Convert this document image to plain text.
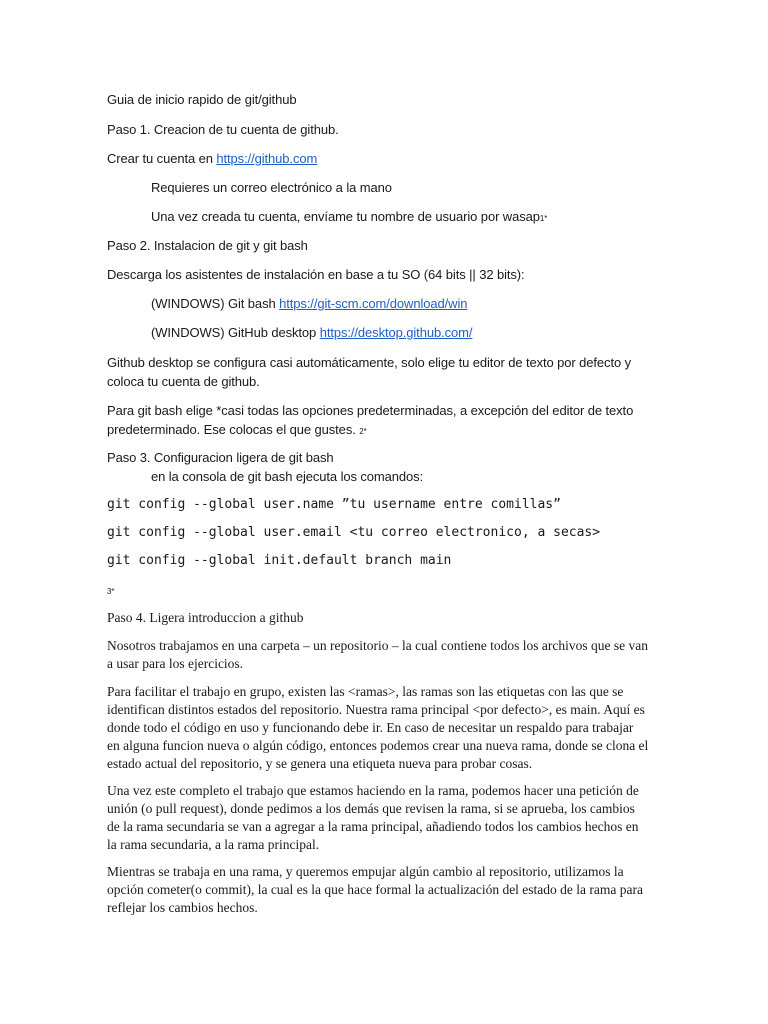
Guia de inicio rapido de git/github
Paso 1. Creacion de tu cuenta de github.
Crear tu cuenta en https://github.com
Requieres un correo electrónico a la mano
Una vez creada tu cuenta, envíame tu nombre de usuario por wasap1*
Paso 2. Instalacion de git y git bash
Descarga los asistentes de instalación en base a tu SO (64 bits || 32 bits):
(WINDOWS) Git bash https://git-scm.com/download/win
(WINDOWS) GitHub desktop https://desktop.github.com/
Github desktop se configura casi automáticamente, solo elige tu editor de texto por defecto y
coloca tu cuenta de github.
Para git bash elige *casi todas las opciones predeterminadas, a excepción del editor de texto
predeterminado. Ese colocas el que gustes. 2*
Paso 3. Configuracion ligera de git bash
en la consola de git bash ejecuta los comandos:
git config --global user.name ”tu username entre comillas”
git config --global user.email <tu correo electronico, a secas>
git config --global init.default branch main
3*
Paso 4. Ligera introduccion a github
Nosotros trabajamos en una carpeta – un repositorio – la cual contiene todos los archivos que se van
a usar para los ejercicios.
Para facilitar el trabajo en grupo, existen las <ramas>, las ramas son las etiquetas con las que se
identifican distintos estados del repositorio. Nuestra rama principal <por defecto>, es main. Aquí es
donde todo el código en uso y funcionando debe ir. En caso de necesitar un respaldo para trabajar
en alguna funcion nueva o algún código, entonces podemos crear una nueva rama, donde se clona el
estado actual del repositorio, y se genera una etiqueta nueva para probar cosas.
Una vez este completo el trabajo que estamos haciendo en la rama, podemos hacer una petición de
unión (o pull request), donde pedimos a los demás que revisen la rama, si se aprueba, los cambios
de la rama secundaria se van a agregar a la rama principal, añadiendo todos los cambios hechos en
la rama secundaria, a la rama principal.
Mientras se trabaja en una rama, y queremos empujar algún cambio al repositorio, utilizamos la
opción cometer(o commit), la cual es la que hace formal la actualización del estado de la rama para
reflejar los cambios hechos.
